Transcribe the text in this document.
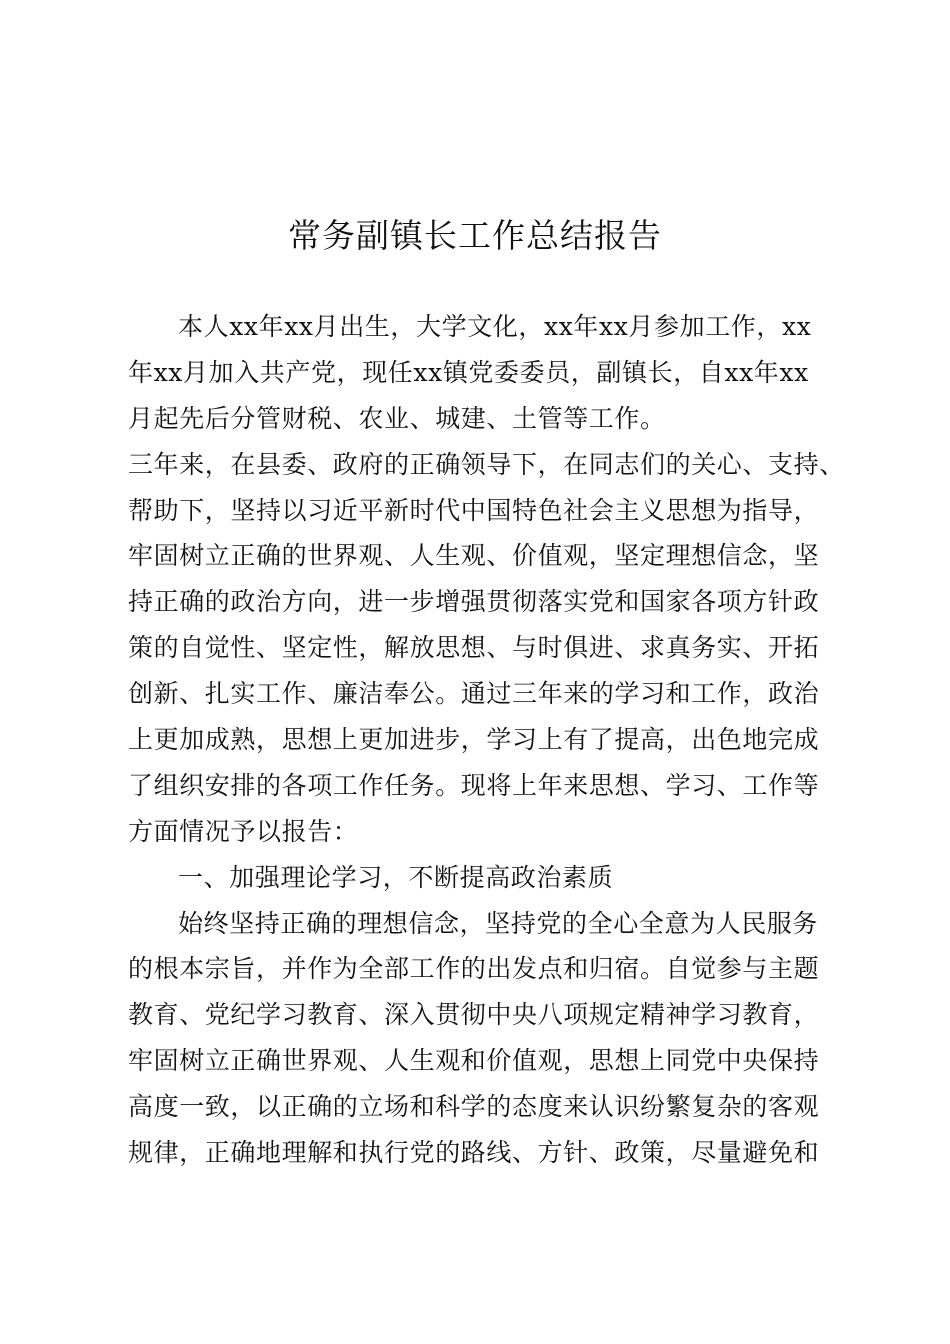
常务副镇长工作总结报告
本人xx年xx月出生，大学文化，xx年xx月参加工作，xx
年xx月加入共产党，现任xx镇党委委员，副镇长，自xx年xx
月起先后分管财税、农业、城建、土管等工作。
三年来，在县委、政府的正确领导下，在同志们的关心、支持、
帮助下，坚持以习近平新时代中国特色社会主义思想为指导，
牢固树立正确的世界观、人生观、价值观，坚定理想信念，坚
持正确的政治方向，进一步增强贯彻落实党和国家各项方针政
策的自觉性、坚定性，解放思想、与时俱进、求真务实、开拓
创新、扎实工作、廉洁奉公。通过三年来的学习和工作，政治
上更加成熟，思想上更加进步，学习上有了提高，出色地完成
了组织安排的各项工作任务。现将上年来思想、学习、工作等
方面情况予以报告：
一、加强理论学习，不断提高政治素质
始终坚持正确的理想信念，坚持党的全心全意为人民服务
的根本宗旨，并作为全部工作的出发点和归宿。自觉参与主题
教育、党纪学习教育、深入贯彻中央八项规定精神学习教育，
牢固树立正确世界观、人生观和价值观，思想上同党中央保持
高度一致，以正确的立场和科学的态度来认识纷繁复杂的客观
规律，正确地理解和执行党的路线、方针、政策，尽量避免和
